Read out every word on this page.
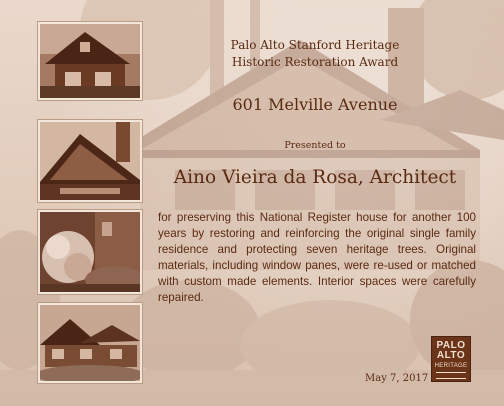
Palo Alto Stanford Heritage
Historic Restoration Award
601 Melville Avenue
Presented to
Aino Vieira da Rosa, Architect
for preserving this National Register house for another 100 years by restoring and reinforcing the original single family residence and protecting seven heritage trees. Original materials, including window panes, were re-used or matched with custom made elements. Interior spaces were carefully repaired.
May 7, 2017
PALO
ALTO
HERITAGE
